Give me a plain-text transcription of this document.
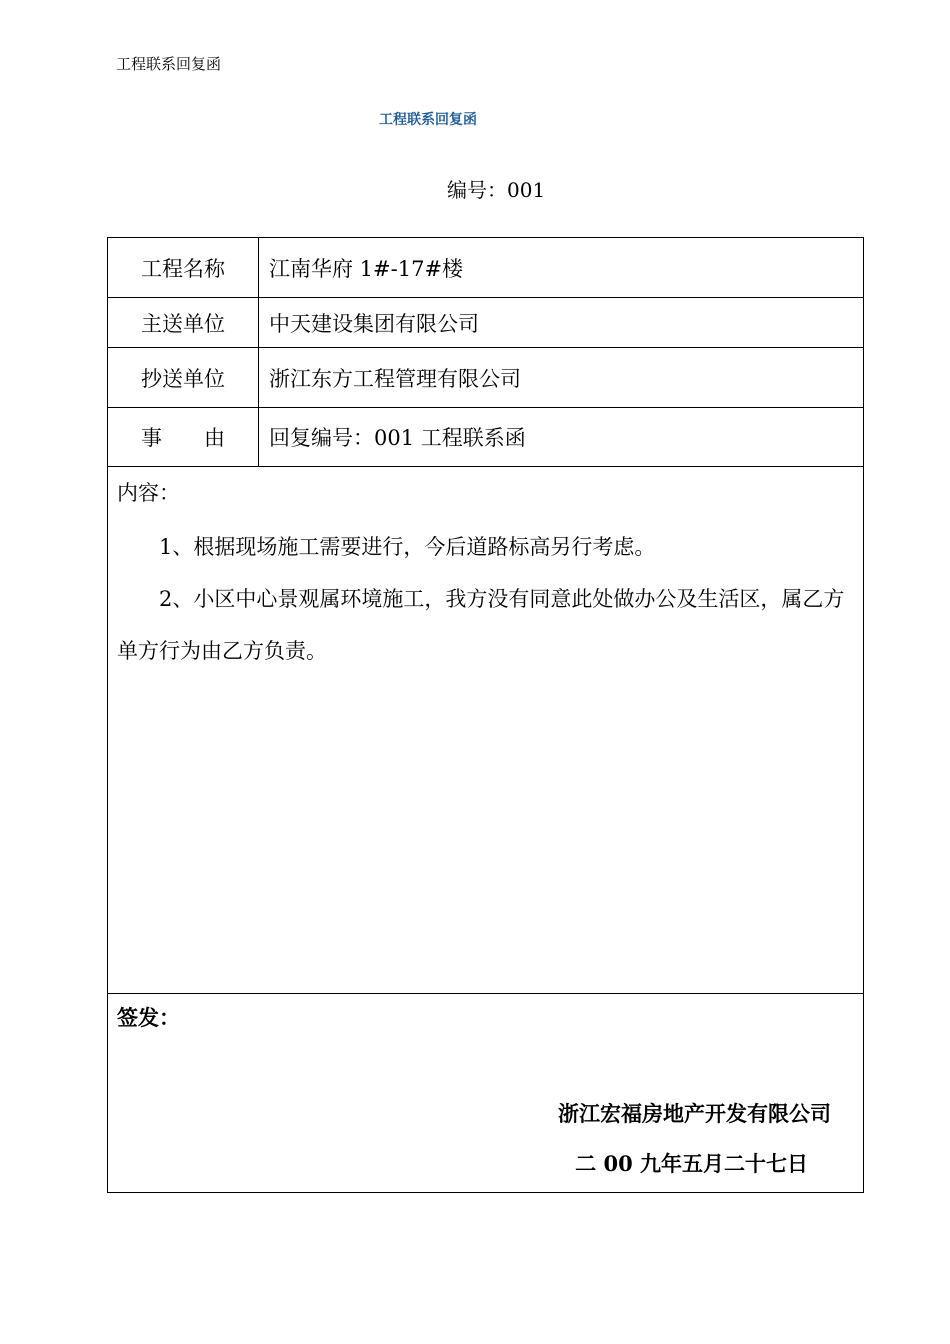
工程联系回复函
工程联系回复函
编号：001
工程名称	江南华府 1#-17#楼
主送单位	中天建设集团有限公司
抄送单位	浙江东方工程管理有限公司
事　　由	回复编号：001 工程联系函
内容：

1、根据现场施工需要进行，今后道路标高另行考虑。

2、小区中心景观属环境施工，我方没有同意此处做办公及生活区，属乙方单方行为由乙方负责。

签发：
浙江宏福房地产开发有限公司
二 00 九年五月二十七日
